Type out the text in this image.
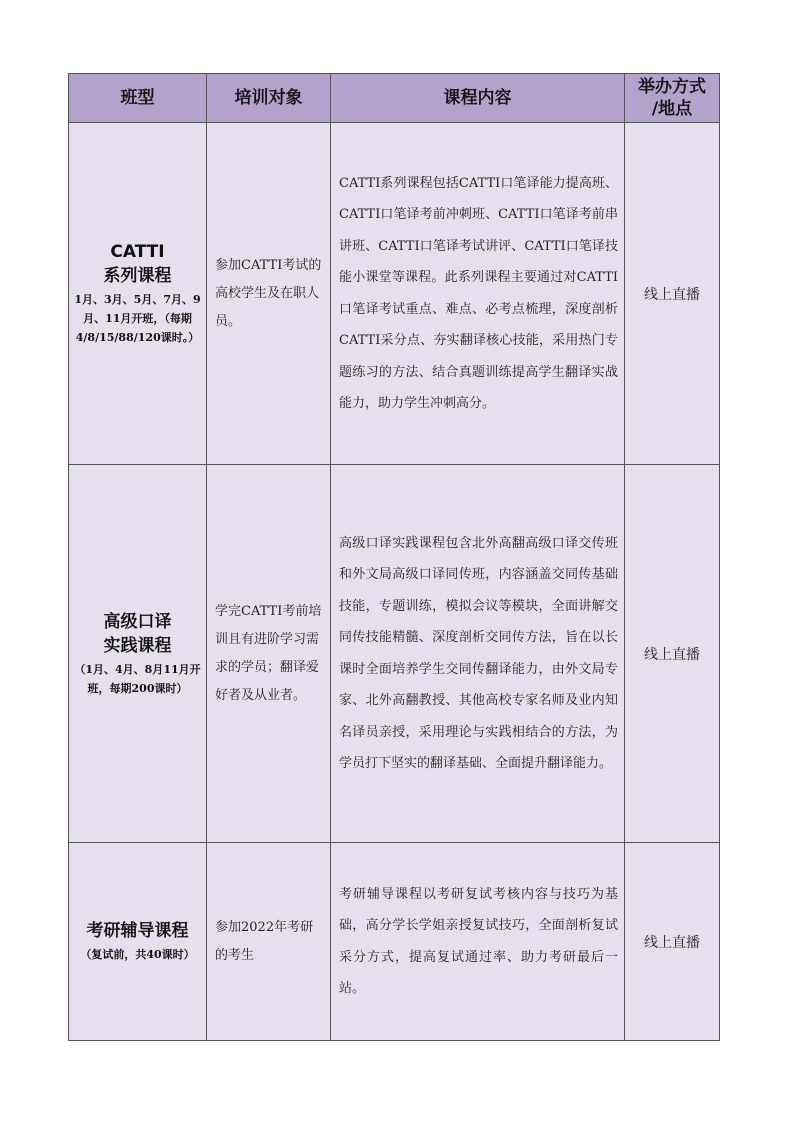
班型	培训对象	课程内容	举办方式
/地点

CATTI
系列课程
1月、3月、5月、7月、9月、11月开班，（每期4/8/15/88/120课时。）	参加CATTI考试的高校学生及在职人员。	CATTI系列课程包括CATTI口笔译能力提高班、CATTI口笔译考前冲刺班、CATTI口笔译考前串讲班、CATTI口笔译考试讲评、CATTI口笔译技能小课堂等课程。此系列课程主要通过对CATTI口笔译考试重点、难点、必考点梳理，深度剖析CATTI采分点、夯实翻译核心技能，采用热门专题练习的方法、结合真题训练提高学生翻译实战能力，助力学生冲刺高分。	线上直播

高级口译
实践课程
（1月、4月、8月11月开班，每期200课时）	学完CATTI考前培训且有进阶学习需求的学员；翻译爱好者及从业者。	高级口译实践课程包含北外高翻高级口译交传班和外文局高级口译同传班，内容涵盖交同传基础技能，专题训练，模拟会议等模块，全面讲解交同传技能精髓、深度剖析交同传方法，旨在以长课时全面培养学生交同传翻译能力，由外文局专家、北外高翻教授、其他高校专家名师及业内知名译员亲授，采用理论与实践相结合的方法，为学员打下坚实的翻译基础、全面提升翻译能力。	线上直播

考研辅导课程
（复试前，共40课时）	参加2022年考研的考生	考研辅导课程以考研复试考核内容与技巧为基础，高分学长学姐亲授复试技巧，全面剖析复试采分方式，提高复试通过率、助力考研最后一站。	线上直播
